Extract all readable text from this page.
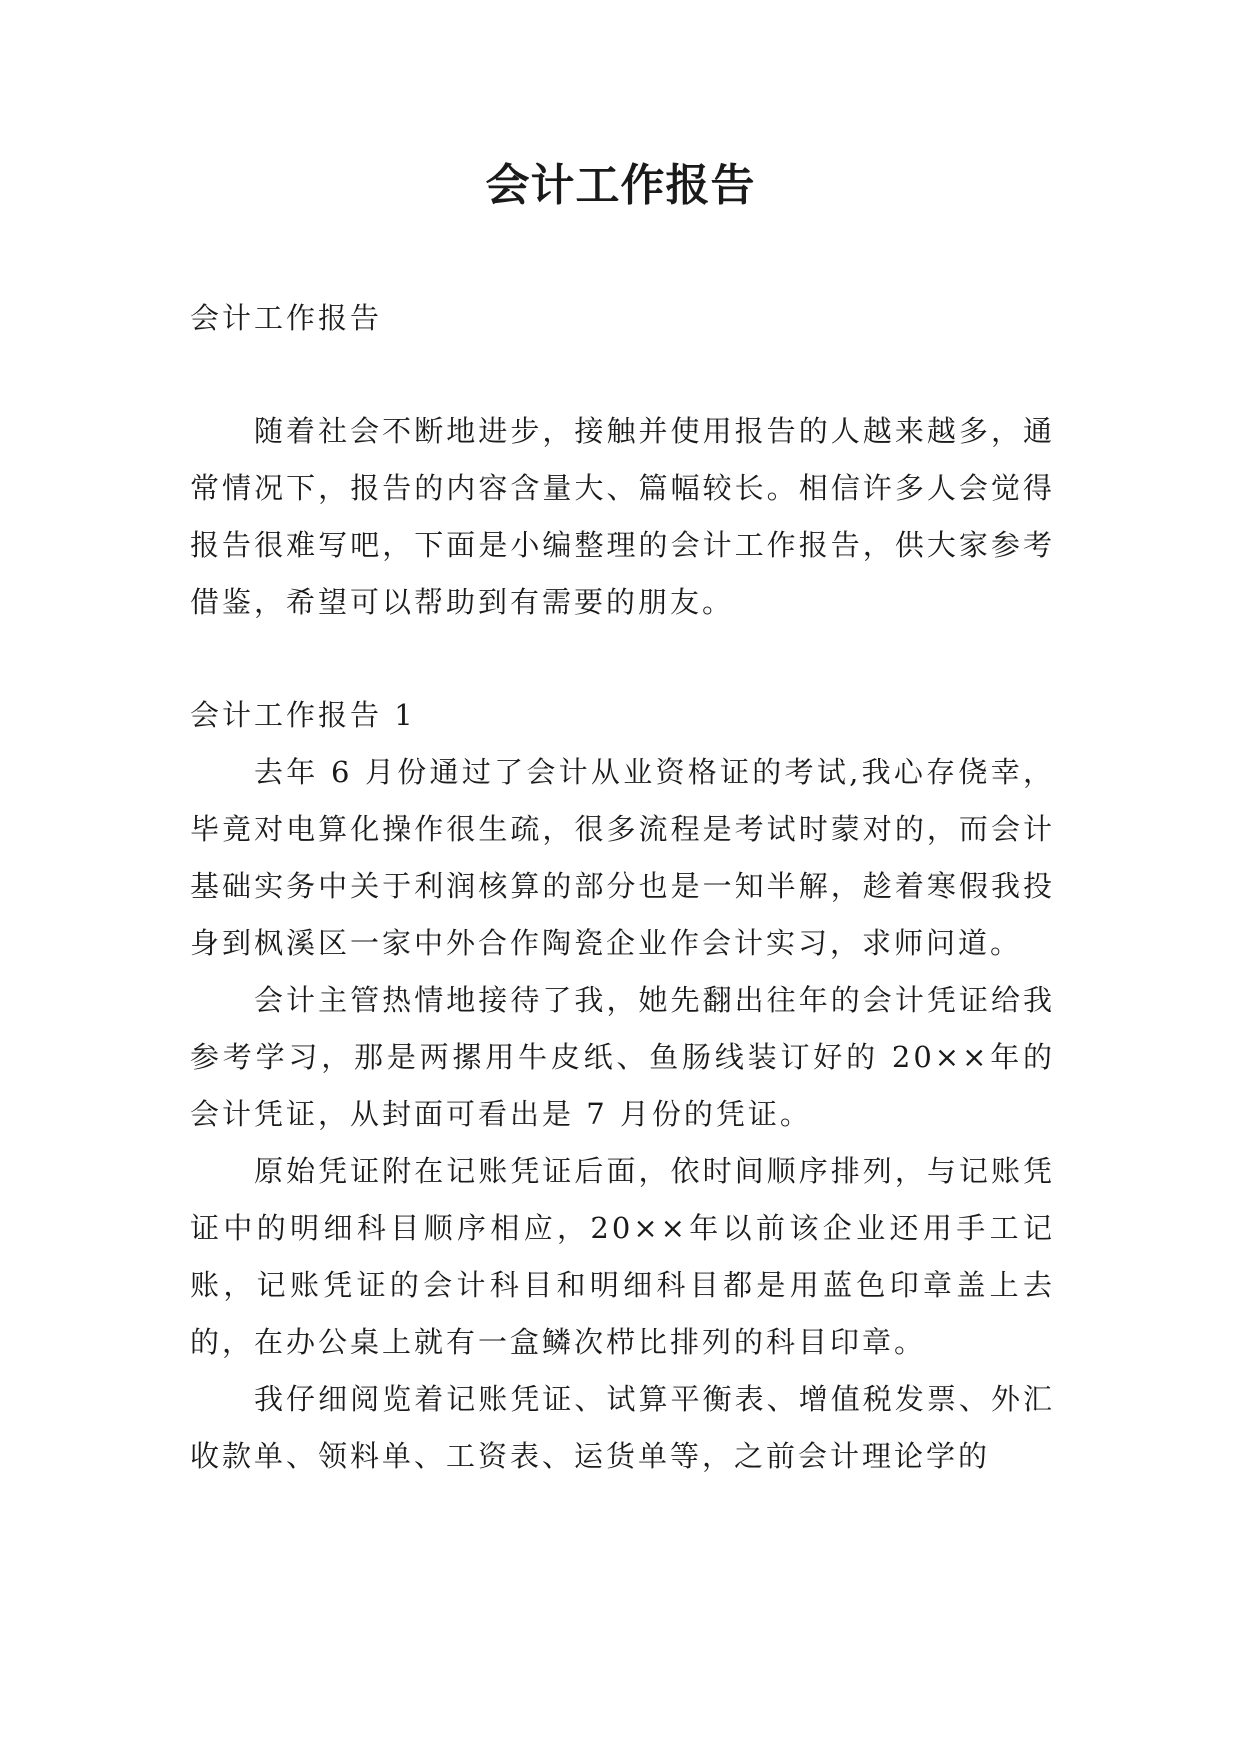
会计工作报告

会计工作报告

随着社会不断地进步，接触并使用报告的人越来越多，通常情况下，报告的内容含量大、篇幅较长。相信许多人会觉得报告很难写吧，下面是小编整理的会计工作报告，供大家参考借鉴，希望可以帮助到有需要的朋友。

会计工作报告 1

去年 6 月份通过了会计从业资格证的考试,我心存侥幸，毕竟对电算化操作很生疏，很多流程是考试时蒙对的，而会计基础实务中关于利润核算的部分也是一知半解，趁着寒假我投身到枫溪区一家中外合作陶瓷企业作会计实习，求师问道。

会计主管热情地接待了我，她先翻出往年的会计凭证给我参考学习，那是两摞用牛皮纸、鱼肠线装订好的 20××年的会计凭证，从封面可看出是 7 月份的凭证。

原始凭证附在记账凭证后面，依时间顺序排列，与记账凭证中的明细科目顺序相应，20××年以前该企业还用手工记账，记账凭证的会计科目和明细科目都是用蓝色印章盖上去的，在办公桌上就有一盒鳞次栉比排列的科目印章。

我仔细阅览着记账凭证、试算平衡表、增值税发票、外汇收款单、领料单、工资表、运货单等，之前会计理论学的
